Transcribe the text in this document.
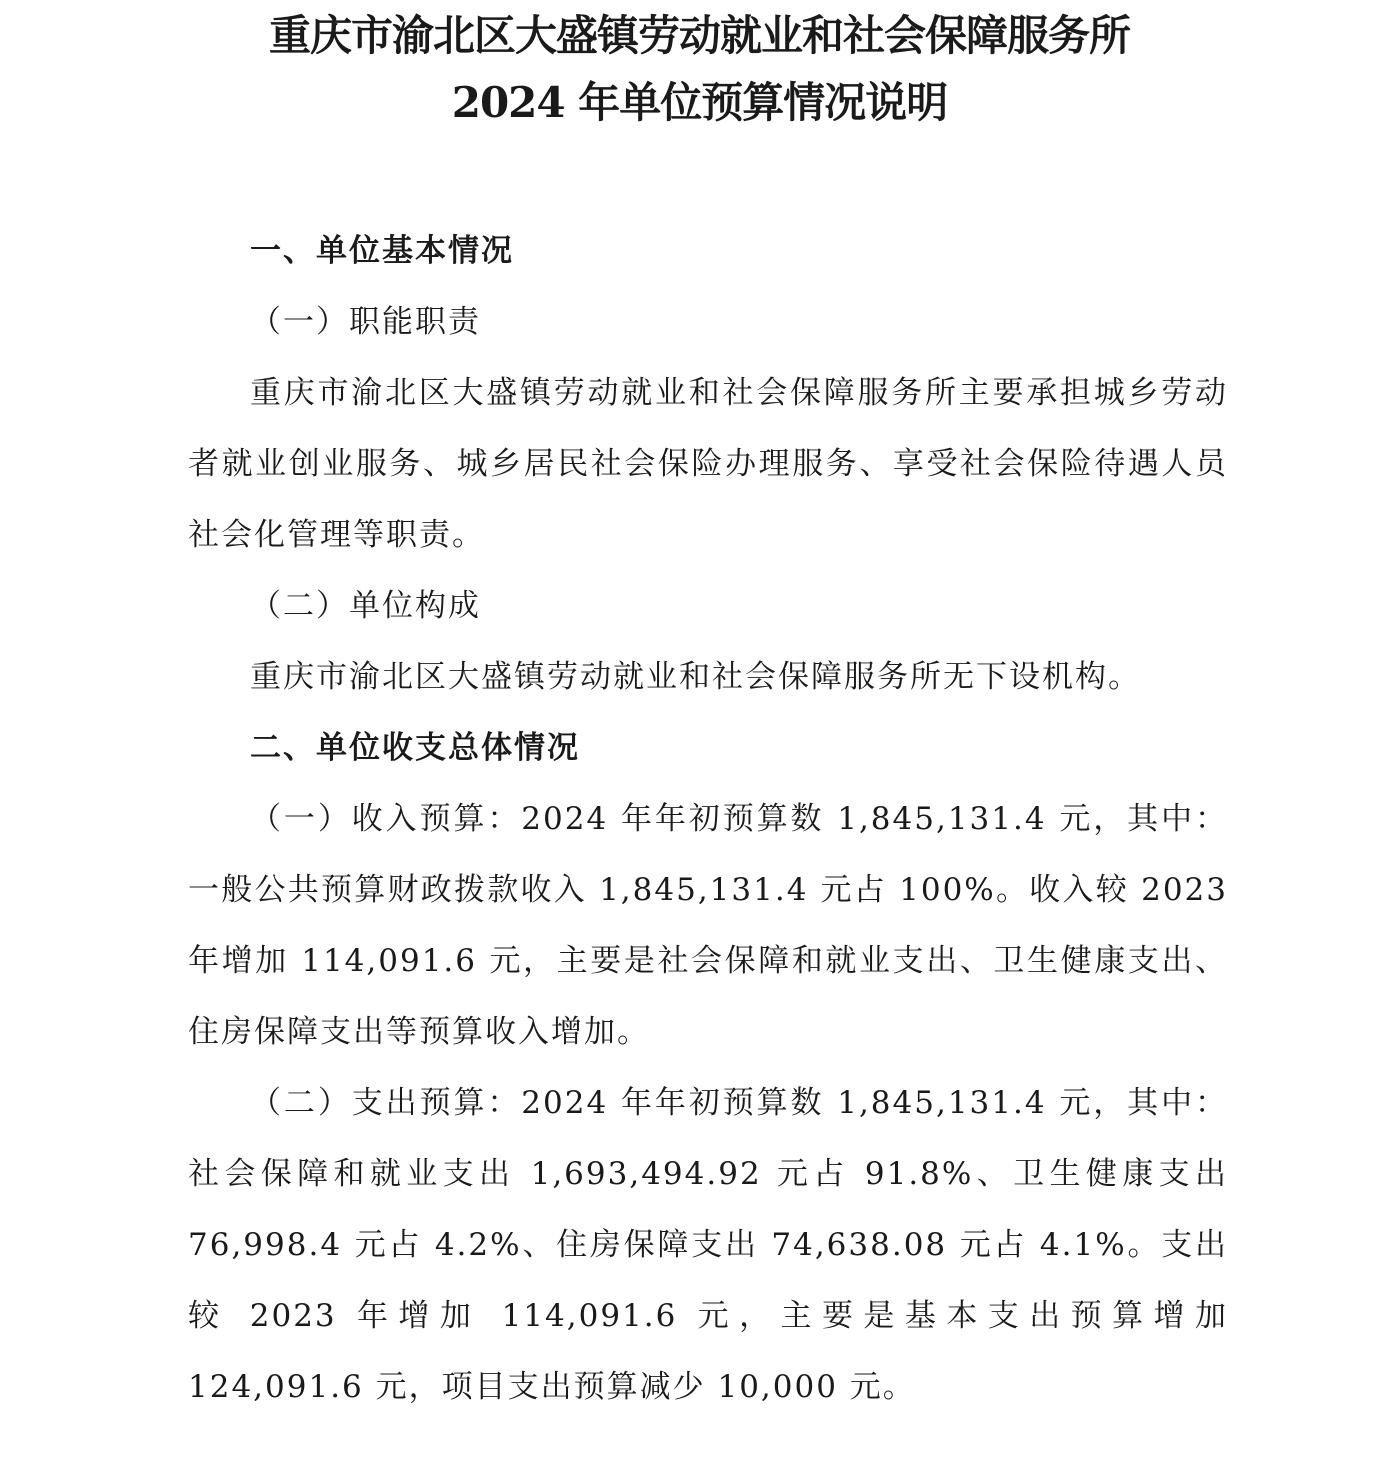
重庆市渝北区大盛镇劳动就业和社会保障服务所

2024 年单位预算情况说明

一、单位基本情况

（一）职能职责

重庆市渝北区大盛镇劳动就业和社会保障服务所主要承担城乡劳动者就业创业服务、城乡居民社会保险办理服务、享受社会保险待遇人员社会化管理等职责。

（二）单位构成

重庆市渝北区大盛镇劳动就业和社会保障服务所无下设机构。

二、单位收支总体情况

（一）收入预算：2024 年年初预算数 1,845,131.4 元，其中：一般公共预算财政拨款收入 1,845,131.4 元占 100%。收入较 2023 年增加 114,091.6 元，主要是社会保障和就业支出、卫生健康支出、住房保障支出等预算收入增加。

（二）支出预算：2024 年年初预算数 1,845,131.4 元，其中：社会保障和就业支出 1,693,494.92 元占 91.8%、卫生健康支出 76,998.4 元占 4.2%、住房保障支出 74,638.08 元占 4.1%。支出较 2023 年增加 114,091.6 元，主要是基本支出预算增加 124,091.6 元，项目支出预算减少 10,000 元。
